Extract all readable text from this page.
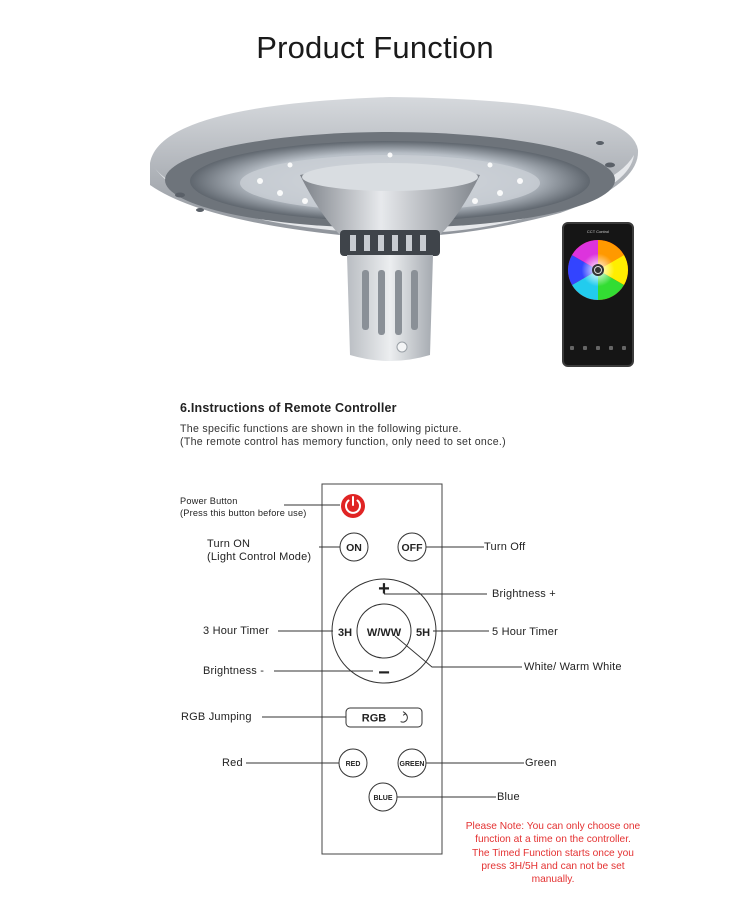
Product Function
CCT Control
6.Instructions of Remote Controller
The specific functions are shown in the following picture.
(The remote control has memory function, only need to set once.)
ON	OFF
+
−
3H	5H
W/WW
RGB
RED	GREEN
BLUE
Power Button
(Press this button before use)
Turn ON
(Light Control Mode)
Turn Off
Brightness +
3 Hour Timer	5 Hour Timer
Brightness -	White/ Warm White
RGB Jumping
Red	Green
Blue
Please Note: You can only choose one
function at a time on the controller.
The Timed Function starts once you
press 3H/5H and can not be set
manually.
